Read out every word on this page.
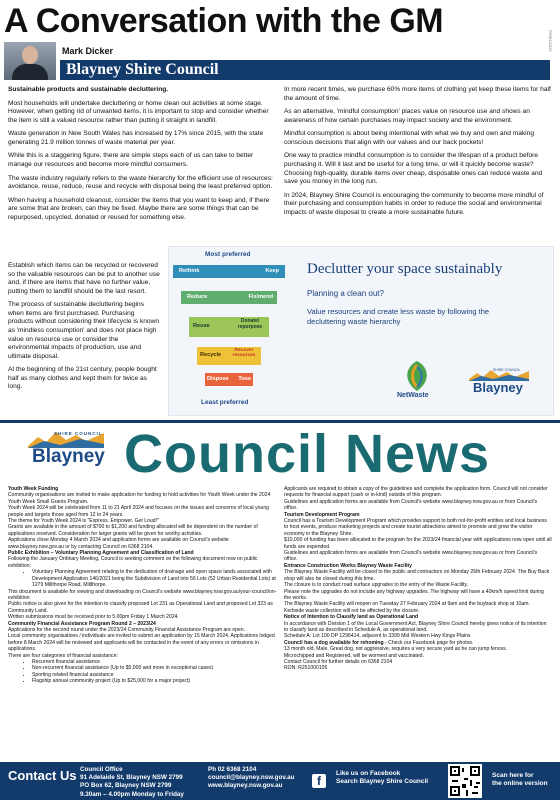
A Conversation with the GM
Mark Dicker
Blayney Shire Council
P0581/2025

Sustainable products and sustainable decluttering.

Most households will undertake decluttering or home clean out activities at some stage. However, when getting rid of unwanted items, it is important to stop and consider whether the item is still a valued resource rather than putting it straight in landfill.

Waste generation in New South Wales has increased by 17% since 2015, with the state generating 21.9 million tonnes of waste material per year.

While this is a staggering figure, there are simple steps each of us can take to better manage our resources and become more mindful consumers.

The waste industry regularly refers to the waste hierarchy for the efficient use of resources: avoidance, reuse, reduce, reuse and recycle with disposal being the least preferred option.

When having a household cleanout, consider the items that you want to keep and, if there are some that are broken, can they be fixed. Maybe there are some things that can be repurposed, upcycled, donated or reused for something else.

Establish which items can be recycled or recovered so the valuable resources can be put to another use and, if there are items that have no further value, putting them to landfill should be the last resort.

The process of sustainable decluttering begins when items are first purchased. Purchasing products without considering their lifecycle is known as 'mindless consumption' and does not place high value on resource use or consider the environmental impacts of production, use and ultimate disposal.

At the beginning of the 21st century, people bought half as many clothes and kept them for twice as long.

In more recent times, we purchase 60% more items of clothing yet keep these items for half the amount of time.

As an alternative, 'mindful consumption' places value on resource use and shows an awareness of how certain purchases may impact society and the environment.

Mindful consumption is about being intentional with what we buy and own and making conscious decisions that align with our values and our back pockets!

One way to practice mindful consumption is to consider the lifespan of a product before purchasing it. Will it last and be useful for a long time, or will it quickly become waste? Choosing high-quality, durable items over cheap, disposable ones can reduce waste and save you money in the long run.

In 2024, Blayney Shire Council is encouraging the community to become more mindful of their purchasing and consumption habits in order to reduce the social and environmental impacts of waste disposal to create a more sustainable future.

Most preferred
Rethink	Keep
Reduce	Fix/mend
Reuse
Donate/ repurpose
Recycle
Recover resources
Dispose Toss
Least preferred
Declutter your space sustainably
Planning a clean out?
Value resources and create less waste by following the decluttering waste hierarchy
NetWaste
SHIRE COUNCIL
Blayney
SHIRE COUNCIL
Blayney Council News

Youth Week Funding

Community organisations are invited to make application for funding to hold activities for Youth Week under the 2024 Youth Week Small Grants Program.

Youth Week 2024 will be celebrated from 11 to 21 April 2024 and focuses on the issues and concerns of local young people and targets those aged from 12 to 24 years.

The theme for Youth Week 2024 is "Express. Empower. Get Loud!"

Grants are available in the amount of $700 to $1,200 and funding allocated will be dependent on the number of applications received. Consideration for larger grants will be given for worthy activities.

Applications close Monday 4 March 2024 and application forms are available on Council's website www.blayney.nsw.gov.au or by contacting Council on 6368 2104.

Public Exhibition – Voluntary Planning Agreement and Classification of Land

Following the January Ordinary Meeting, Council is seeking comment on the following document now on public exhibition:

• Voluntary Planning Agreement relating to the dedication of drainage and open space lands associated with Development Application 146/2021 being the Subdivision of Land into 56 Lots (52 Urban Residential Lots) at 1279 Millthorpe Road, Millthorpe.

This document is available for viewing and downloading on Council's website www.blayney.nsw.gov.au/your-council/on-exhibition

Public notice is also given for the intention to classify proposed Lot 231 as Operational Land and proposed Lot 323 as Community Land.

Written submissions must be received prior to 5.00pm Friday 1 March 2024.

Community Financial Assistance Program Round 2 – 2023/24

Applications for the second round under the 2023/24 Community Financial Assistance Program are open.

Local community organisations / individuals are invited to submit an application by 15 March 2024. Applications lodged before 8 March 2024 will be reviewed and applicants will be contacted in the event of any errors or omissions in applications.

There are four categories of financial assistance:

• Recurrent financial assistance
• Non-recurrent financial assistance (Up to $5,000 and more in exceptional cases)
• Sporting related financial assistance
• Flagship annual community project (Up to $25,000 for a major project)

Applicants are required to obtain a copy of the guidelines and complete the application form. Council will not consider requests for financial support (cash or in-kind) outside of this program.

Guidelines and application forms are available from Council's website www.blayney.nsw.gov.au or from Council's office.

Tourism Development Program

Council has a Tourism Development Program which provides support to both not-for-profit entities and local business to host events, produce marketing projects and create tourist attractions aimed to promote and grow the visitor economy in the Blayney Shire.

$10,000 of funding has been allocated to the program for the 2023/24 financial year with applications now open until all funds are expended.

Guidelines and application forms are available from Council's website www.blayney.nsw.gov.au or from Council's office.

Entrance Construction Works Blayney Waste Facility

The Blayney Waste Facility will be closed to the public and contractors on Monday 26th February 2024. The Buy Back shop will also be closed during this time.

The closure is to conduct road surface upgrades to the entry of the Waste Facility.

Please note the upgrades do not include any highway upgrades. The highway will have a 40km/h speed limit during the works.

The Blayney Waste Facility will reopen on Tuesday 27 February 2024 at 9am and the buyback shop at 10am.

Kerbside waste collection will not be affected by the closure.

Notice of Intention to Classify land as Operational Land

In accordance with Division 1 of the Local Government Act, Blayney Shire Council hereby gives notice of its intention to classify land as described in Schedule A, as operational land.

Schedule A: Lot 100 DP 1296414, adjacent to 3399 Mid Western Hwy Kings Plains

Council has a dog available for rehoming - Check our Facebook page for photos.

13 month old, Male. Great dog, not aggressive, requires a very secure yard as he can jump fences.

Microchipped and Registered, will be wormed and vaccinated.

Contact Council for further details on 6368 2104

RON: R251000105

Contact Us Council Office
91 Adelaide St, Blayney NSW 2799
PO Box 62, Blayney NSW 2799
9.30am – 4.00pm Monday to Friday
Ph 02 6368 2104
council@blayney.nsw.gov.au
www.blayney.nsw.gov.au	f
Like us on Facebook
Search Blayney Shire Council
Scan here for
the online version
